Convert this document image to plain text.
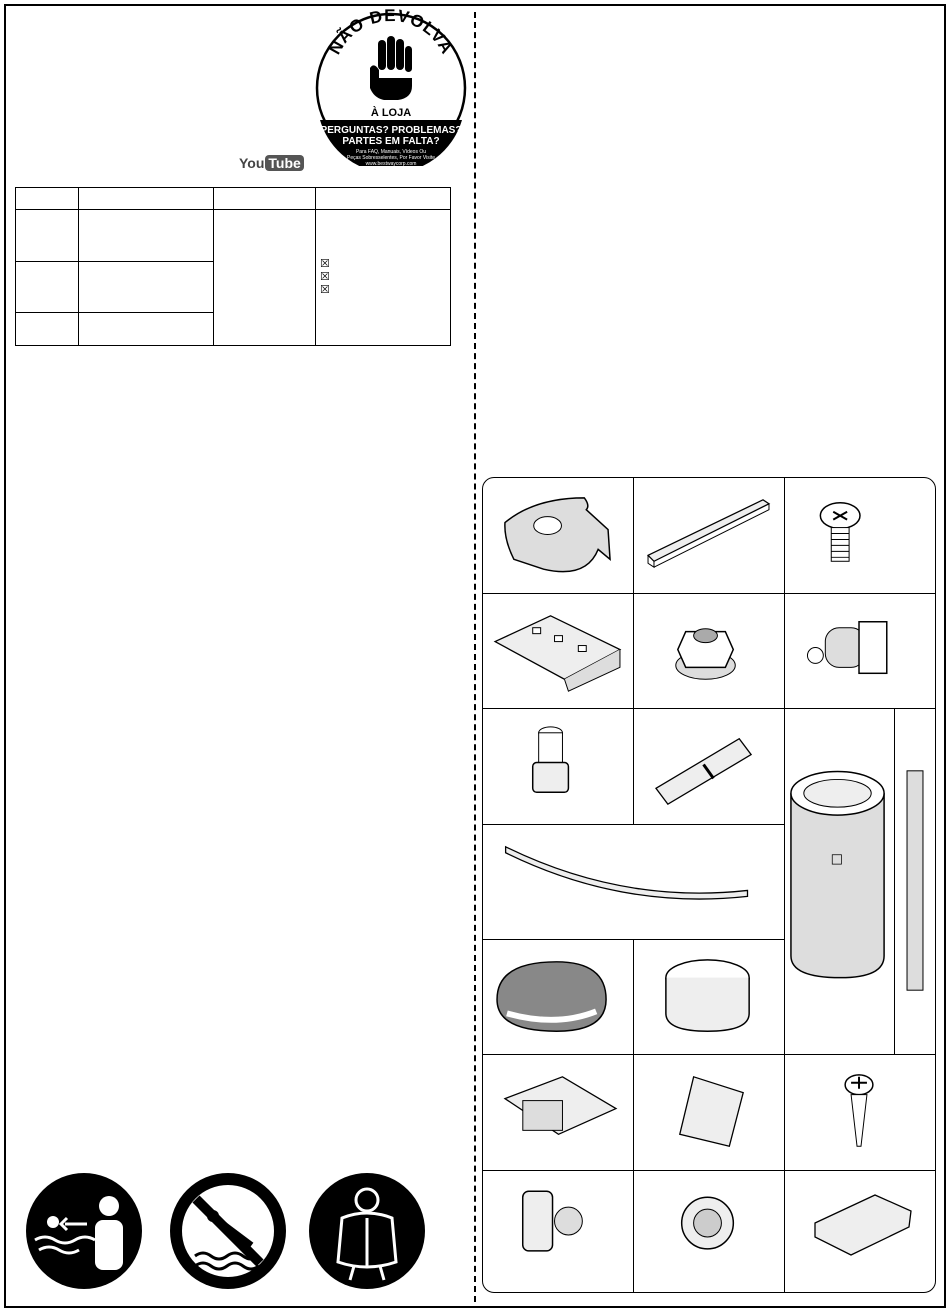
NÃO DEVOLVA
À LOJA
PERGUNTAS? PROBLEMAS?
PARTES EM FALTA?
Para FAQ, Manuais, Vídeos Ou
Peças Sobresselentes, Por Favor Visite
www.bestwaycorp.com
You Tube

			☒
☒
☒

☐
